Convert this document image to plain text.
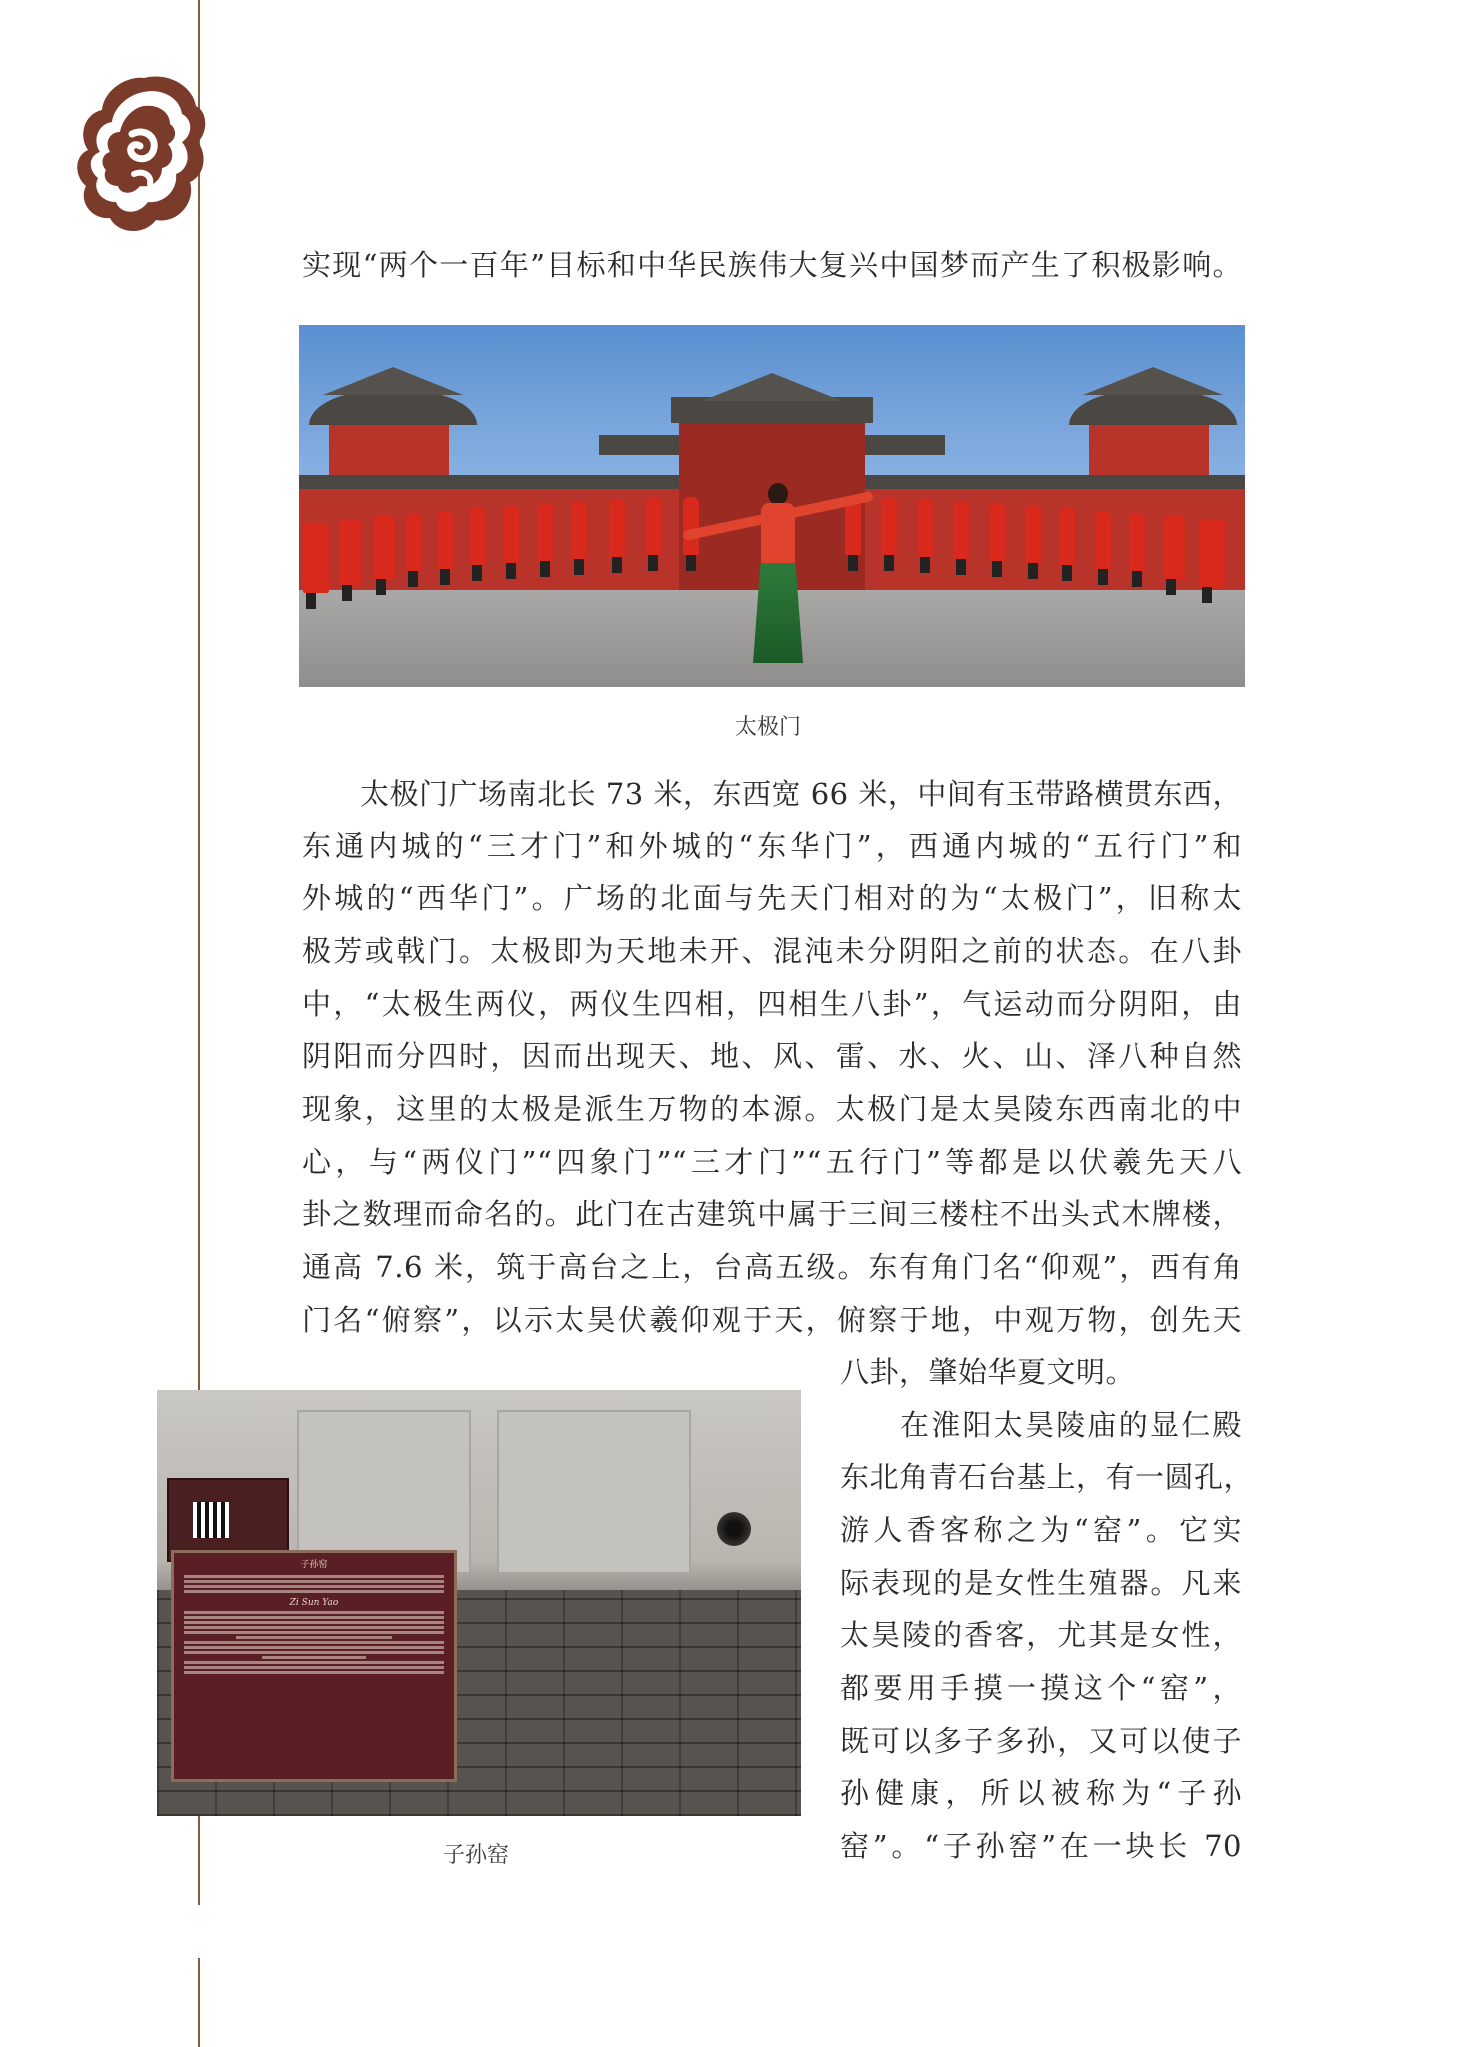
实现“两个一百年”目标和中华民族伟大复兴中国梦而产生了积极影响。
太极门
太极门广场南北长 73 米，东西宽 66 米，中间有玉带路横贯东西，
东通内城的“三才门”和外城的“东华门”，西通内城的“五行门”和
外城的“西华门”。广场的北面与先天门相对的为“太极门”，旧称太
极芳或戟门。太极即为天地未开、混沌未分阴阳之前的状态。在八卦
中，“太极生两仪，两仪生四相，四相生八卦”，气运动而分阴阳，由
阴阳而分四时，因而出现天、地、风、雷、水、火、山、泽八种自然
现象，这里的太极是派生万物的本源。太极门是太昊陵东西南北的中
心，与“两仪门”“四象门”“三才门”“五行门”等都是以伏羲先天八
卦之数理而命名的。此门在古建筑中属于三间三楼柱不出头式木牌楼，
通高 7.6 米，筑于高台之上，台高五级。东有角门名“仰观”，西有角
门名“俯察”，以示太昊伏羲仰观于天，俯察于地，中观万物，创先天
八卦，肇始华夏文明。
在淮阳太昊陵庙的显仁殿
东北角青石台基上，有一圆孔，
游人香客称之为“窑”。它实
际表现的是女性生殖器。凡来
太昊陵的香客，尤其是女性，
都要用手摸一摸这个“窑”，
既可以多子多孙，又可以使子
孙健康，所以被称为“子孙
窑”。“子孙窑”在一块长 70
子孙窑
Zi Sun Yao
子孙窑
